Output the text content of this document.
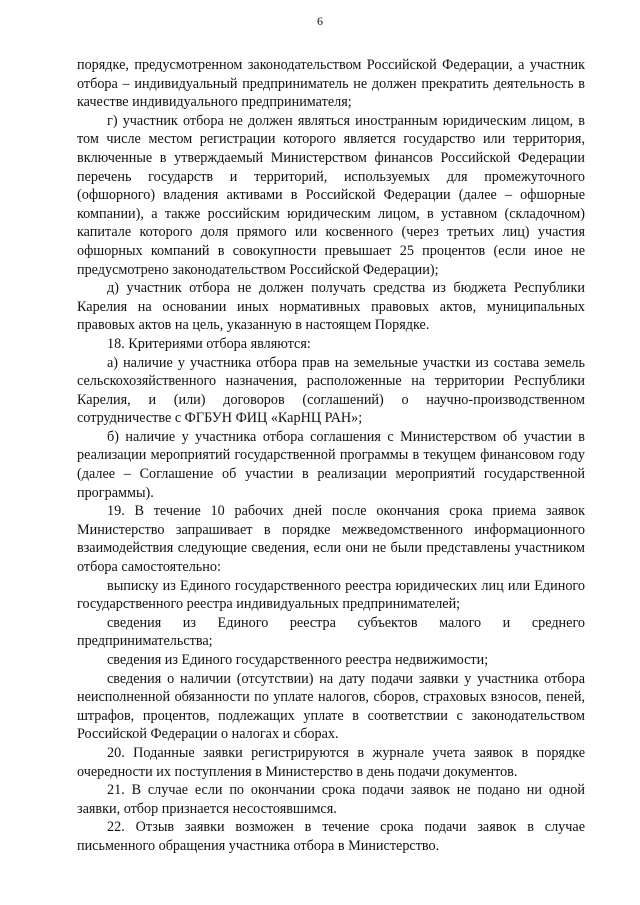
6

порядке, предусмотренном законодательством Российской Федерации, а участник отбора – индивидуальный предприниматель не должен прекратить деятельность в качестве индивидуального предпринимателя;

г) участник отбора не должен являться иностранным юридическим лицом, в том числе местом регистрации которого является государство или территория, включенные в утверждаемый Министерством финансов Российской Федерации перечень государств и территорий, используемых для промежуточного (офшорного) владения активами в Российской Федерации (далее – офшорные компании), а также российским юридическим лицом, в уставном (складочном) капитале которого доля прямого или косвенного (через третьих лиц) участия офшорных компаний в совокупности превышает 25 процентов (если иное не предусмотрено законодательством Российской Федерации);

д) участник отбора не должен получать средства из бюджета Республики Карелия на основании иных нормативных правовых актов, муниципальных правовых актов на цель, указанную в настоящем Порядке.

18. Критериями отбора являются:

а) наличие у участника отбора прав на земельные участки из состава земель сельскохозяйственного назначения, расположенные на территории Республики Карелия, и (или) договоров (соглашений) о научно-производственном сотрудничестве с ФГБУН ФИЦ «КарНЦ РАН»;

б) наличие у участника отбора соглашения с Министерством об участии в реализации мероприятий государственной программы в текущем финансовом году (далее – Соглашение об участии в реализации мероприятий государственной программы).

19. В течение 10 рабочих дней после окончания срока приема заявок Министерство запрашивает в порядке межведомственного информационного взаимодействия следующие сведения, если они не были представлены участником отбора самостоятельно:

выписку из Единого государственного реестра юридических лиц или Единого государственного реестра индивидуальных предпринимателей;

сведения из Единого реестра субъектов малого и среднего предпринимательства;

сведения из Единого государственного реестра недвижимости;

сведения о наличии (отсутствии) на дату подачи заявки у участника отбора неисполненной обязанности по уплате налогов, сборов, страховых взносов, пеней, штрафов, процентов, подлежащих уплате в соответствии с законодательством Российской Федерации о налогах и сборах.

20. Поданные заявки регистрируются в журнале учета заявок в порядке очередности их поступления в Министерство в день подачи документов.

21. В случае если по окончании срока подачи заявок не подано ни одной заявки, отбор признается несостоявшимся.

22. Отзыв заявки возможен в течение срока подачи заявок в случае письменного обращения участника отбора в Министерство.
